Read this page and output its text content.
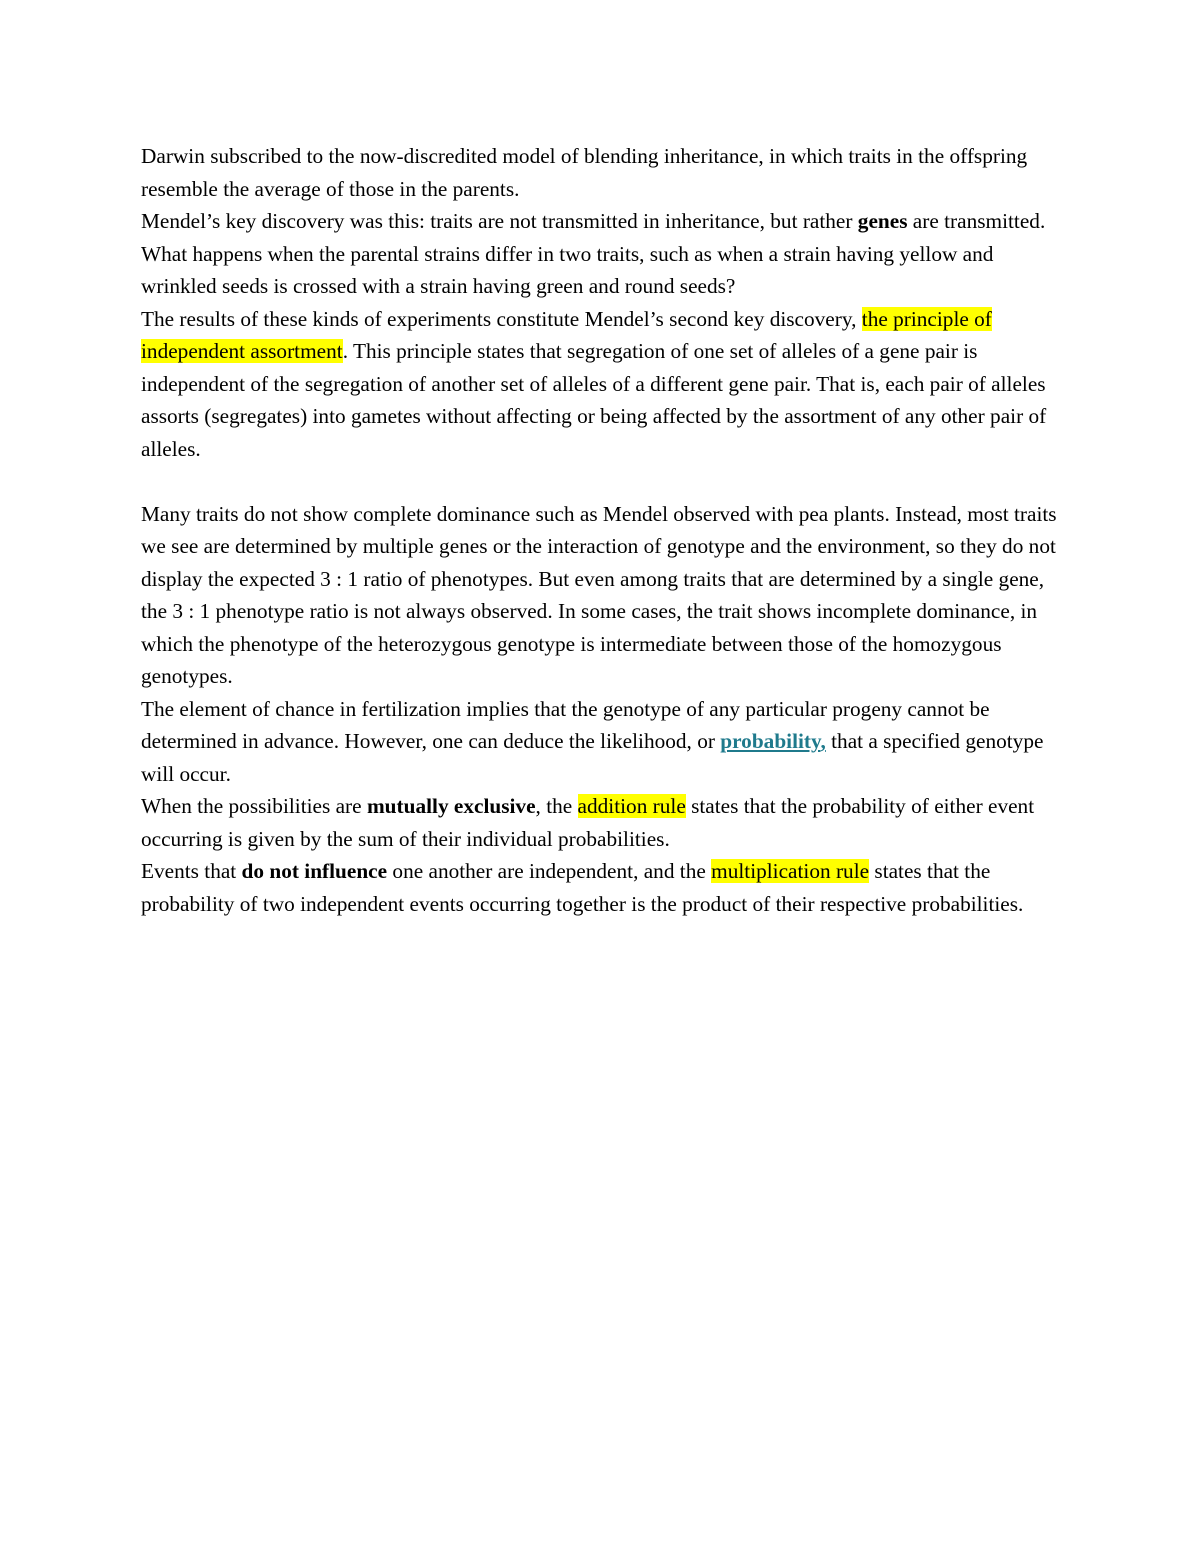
Darwin subscribed to the now-discredited model of blending inheritance, in which traits in the offspring resemble the average of those in the parents.

Mendel’s key discovery was this: traits are not transmitted in inheritance, but rather genes are transmitted.

What happens when the parental strains differ in two traits, such as when a strain having yellow and wrinkled seeds is crossed with a strain having green and round seeds?

The results of these kinds of experiments constitute Mendel’s second key discovery, the principle of independent assortment. This principle states that segregation of one set of alleles of a gene pair is independent of the segregation of another set of alleles of a different gene pair. That is, each pair of alleles assorts (segregates) into gametes without affecting or being affected by the assortment of any other pair of alleles.

Many traits do not show complete dominance such as Mendel observed with pea plants. Instead, most traits we see are determined by multiple genes or the interaction of genotype and the environment, so they do not display the expected 3 : 1 ratio of phenotypes. But even among traits that are determined by a single gene, the 3 : 1 phenotype ratio is not always observed. In some cases, the trait shows incomplete dominance, in which the phenotype of the heterozygous genotype is intermediate between those of the homozygous genotypes.

The element of chance in fertilization implies that the genotype of any particular progeny cannot be determined in advance. However, one can deduce the likelihood, or probability, that a specified genotype will occur.

When the possibilities are mutually exclusive, the addition rule states that the probability of either event occurring is given by the sum of their individual probabilities.

Events that do not influence one another are independent, and the multiplication rule states that the probability of two independent events occurring together is the product of their respective probabilities.
